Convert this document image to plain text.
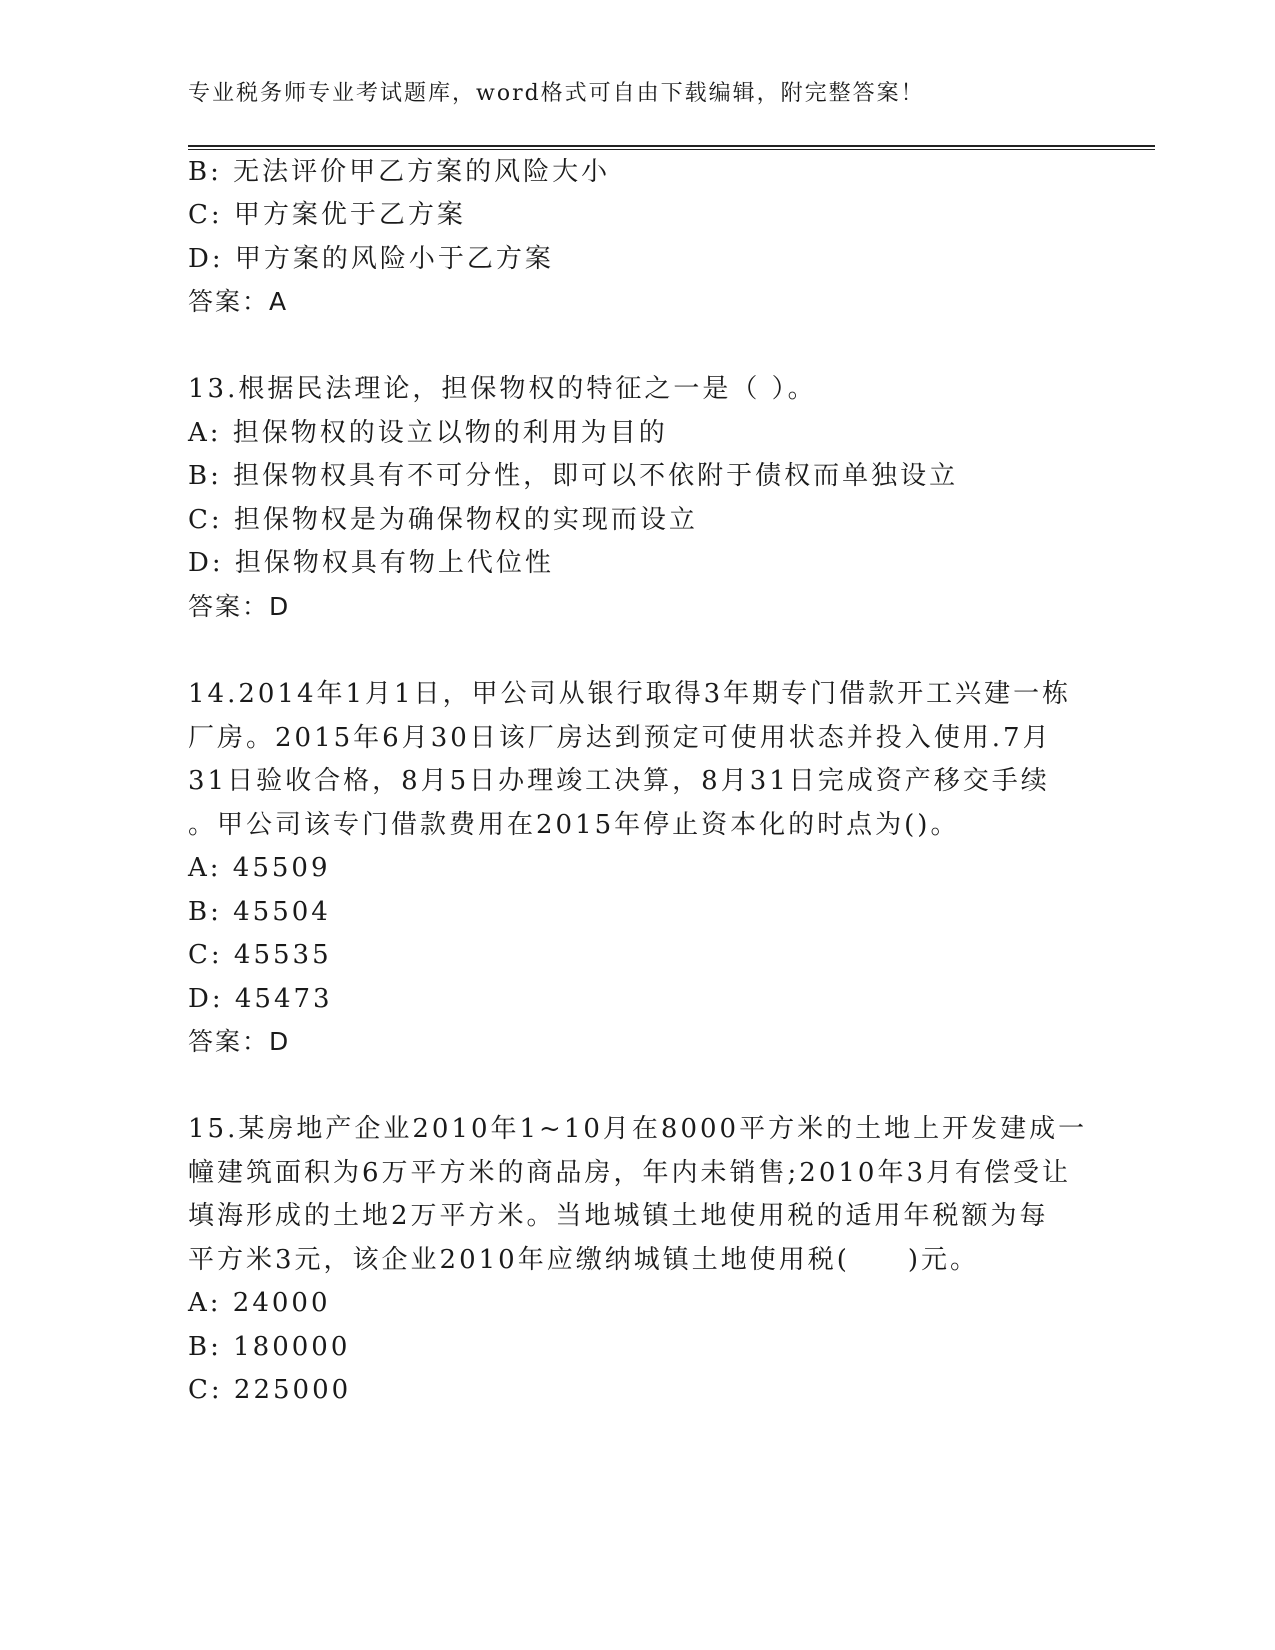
专业税务师专业考试题库，word格式可自由下载编辑，附完整答案！
B: 无法评价甲乙方案的风险大小
C: 甲方案优于乙方案
D: 甲方案的风险小于乙方案
答案：A
13.根据民法理论，担保物权的特征之一是（ ）。
A: 担保物权的设立以物的利用为目的
B: 担保物权具有不可分性，即可以不依附于债权而单独设立
C: 担保物权是为确保物权的实现而设立
D: 担保物权具有物上代位性
答案：D
14.2014年1月1日，甲公司从银行取得3年期专门借款开工兴建一栋
厂房。2015年6月30日该厂房达到预定可使用状态并投入使用.7月
31日验收合格，8月5日办理竣工决算，8月31日完成资产移交手续
。甲公司该专门借款费用在2015年停止资本化的时点为()。
A: 45509
B: 45504
C: 45535
D: 45473
答案：D
15.某房地产企业2010年1~10月在8000平方米的土地上开发建成一
幢建筑面积为6万平方米的商品房，年内未销售;2010年3月有偿受让
填海形成的土地2万平方米。当地城镇土地使用税的适用年税额为每
平方米3元，该企业2010年应缴纳城镇土地使用税(　　)元。
A: 24000
B: 180000
C: 225000
